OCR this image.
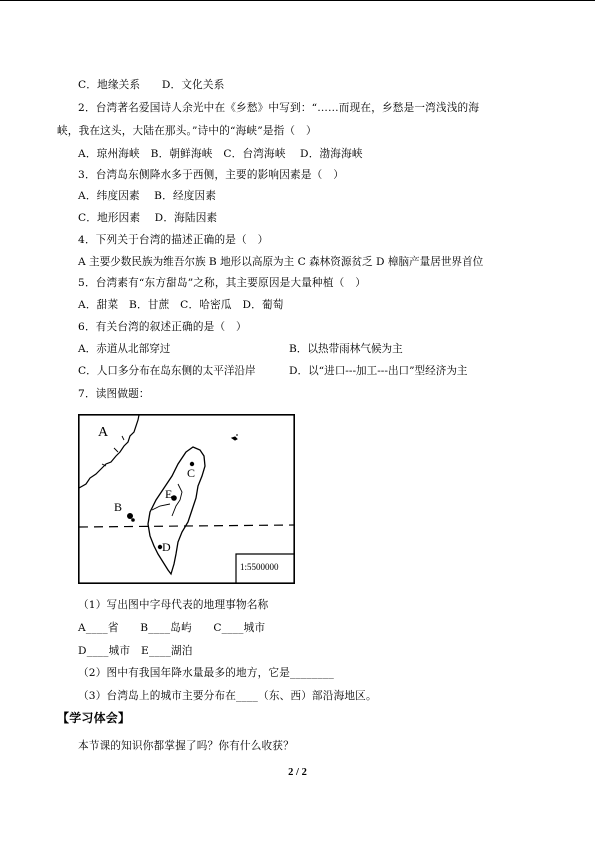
C．地缘关系　　D．文化关系
2．台湾著名爱国诗人余光中在《乡愁》中写到：“……而现在，乡愁是一湾浅浅的海
峡，我在这头，大陆在那头。”诗中的“海峡”是指（　）
A．琼州海峡　B．朝鲜海峡　C．台湾海峡　 D．渤海海峡
3．台湾岛东侧降水多于西侧，主要的影响因素是（　）
A．纬度因素　 B．经度因素
C．地形因素　 D．海陆因素
4．下列关于台湾的描述正确的是（　）
A 主要少数民族为维吾尔族 B 地形以高原为主 C 森林资源贫乏 D 樟脑产量居世界首位
5．台湾素有“东方甜岛”之称，其主要原因是大量种植（　）
A．甜菜　B．甘蔗　C．哈密瓜　D．葡萄
6．有关台湾的叙述正确的是（　）
A．赤道从北部穿过	B．以热带雨林气候为主
C．人口多分布在岛东侧的太平洋沿岸	D．以“进口---加工---出口”型经济为主
7．读图做题：
A
B
C
E
D
1:5500000
（1）写出图中字母代表的地理事物名称
A____省　　B____岛屿　　C____城市
D____城市　E____湖泊
（2）图中有我国年降水量最多的地方，它是________
（3）台湾岛上的城市主要分布在____（东、西）部沿海地区。
【学习体会】
本节课的知识你都掌握了吗？你有什么收获？
2 / 2
